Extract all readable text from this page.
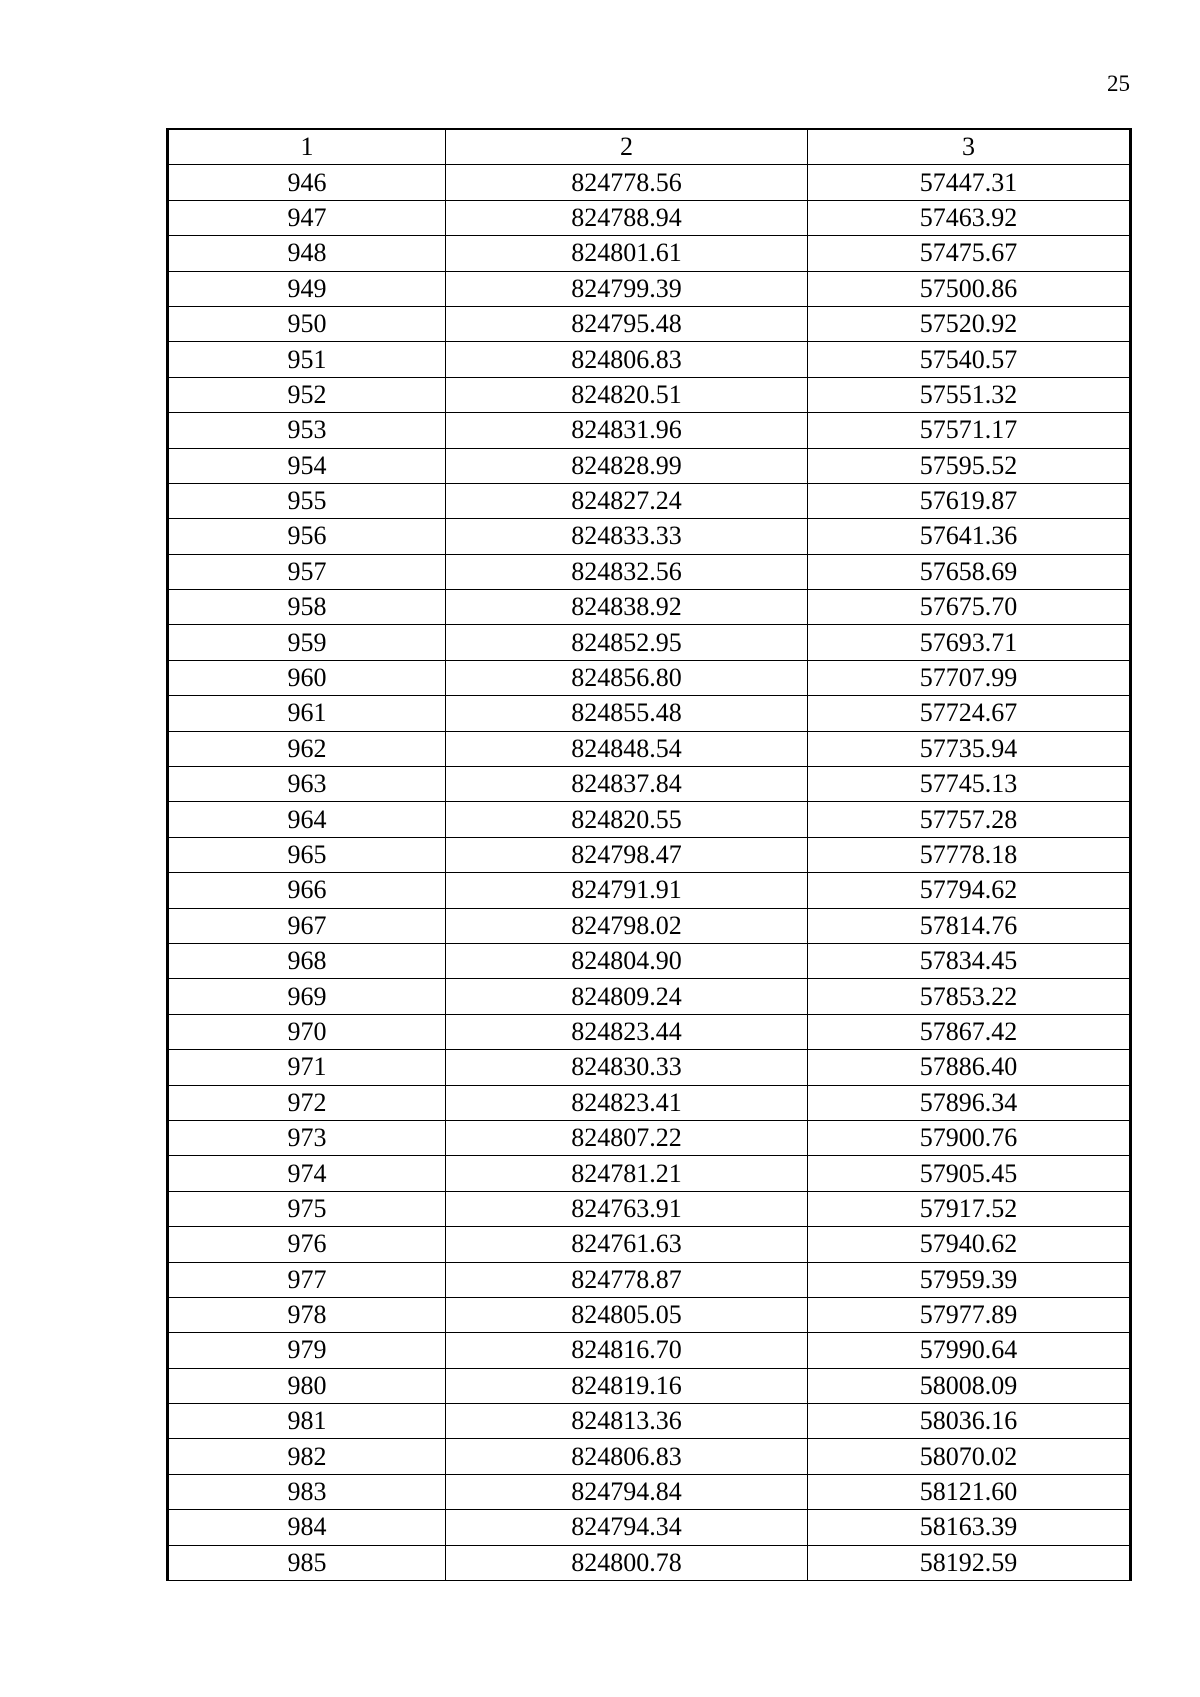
25
1	2	3
946	824778.56	57447.31
947	824788.94	57463.92
948	824801.61	57475.67
949	824799.39	57500.86
950	824795.48	57520.92
951	824806.83	57540.57
952	824820.51	57551.32
953	824831.96	57571.17
954	824828.99	57595.52
955	824827.24	57619.87
956	824833.33	57641.36
957	824832.56	57658.69
958	824838.92	57675.70
959	824852.95	57693.71
960	824856.80	57707.99
961	824855.48	57724.67
962	824848.54	57735.94
963	824837.84	57745.13
964	824820.55	57757.28
965	824798.47	57778.18
966	824791.91	57794.62
967	824798.02	57814.76
968	824804.90	57834.45
969	824809.24	57853.22
970	824823.44	57867.42
971	824830.33	57886.40
972	824823.41	57896.34
973	824807.22	57900.76
974	824781.21	57905.45
975	824763.91	57917.52
976	824761.63	57940.62
977	824778.87	57959.39
978	824805.05	57977.89
979	824816.70	57990.64
980	824819.16	58008.09
981	824813.36	58036.16
982	824806.83	58070.02
983	824794.84	58121.60
984	824794.34	58163.39
985	824800.78	58192.59
